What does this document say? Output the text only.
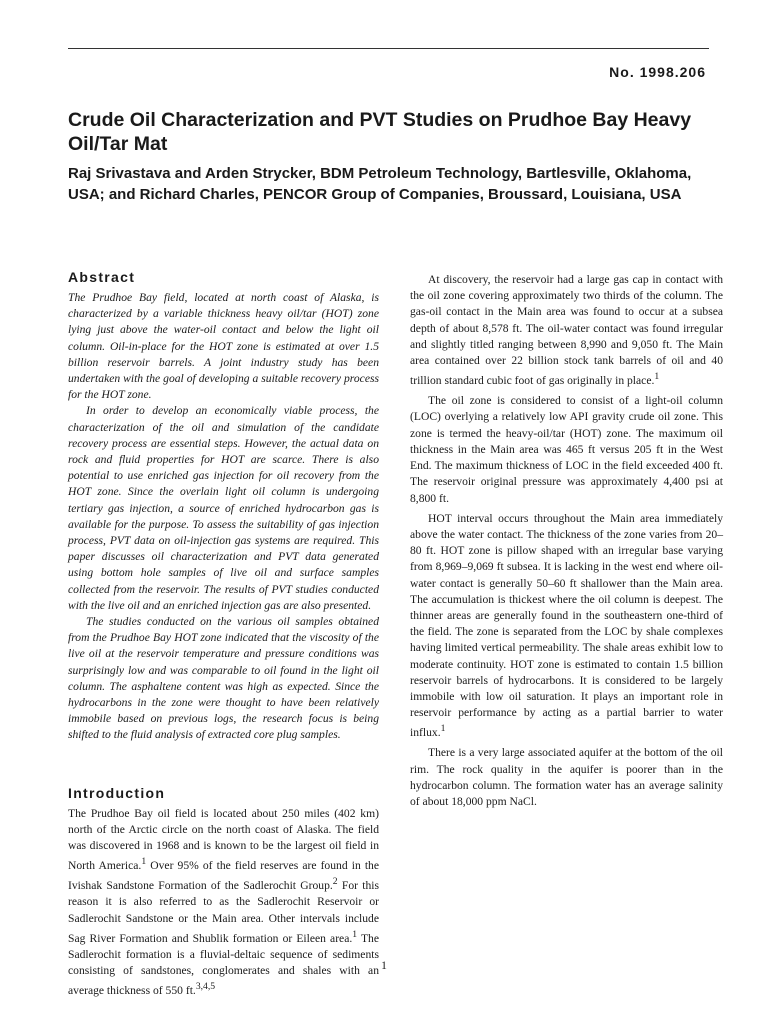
No. 1998.206
Crude Oil Characterization and PVT Studies on Prudhoe Bay Heavy Oil/Tar Mat

Raj Srivastava and Arden Strycker, BDM Petroleum Technology, Bartlesville, Oklahoma, USA; and Richard Charles, PENCOR Group of Companies, Broussard, Louisiana, USA

Abstract

The Prudhoe Bay field, located at north coast of Alaska, is characterized by a variable thickness heavy oil/tar (HOT) zone lying just above the water-oil contact and below the light oil column. Oil-in-place for the HOT zone is estimated at over 1.5 billion reservoir barrels. A joint industry study has been undertaken with the goal of developing a suitable recovery process for the HOT zone.

In order to develop an economically viable process, the characterization of the oil and simulation of the candidate recovery process are essential steps. However, the actual data on rock and fluid properties for HOT are scarce. There is also potential to use enriched gas injection for oil recovery from the HOT zone. Since the overlain light oil column is undergoing tertiary gas injection, a source of enriched hydrocarbon gas is available for the purpose. To assess the suitability of gas injection process, PVT data on oil-injection gas systems are required. This paper discusses oil characterization and PVT data generated using bottom hole samples of live oil and surface samples collected from the reservoir. The results of PVT studies conducted with the live oil and an enriched injection gas are also presented.

The studies conducted on the various oil samples obtained from the Prudhoe Bay HOT zone indicated that the viscosity of the live oil at the reservoir temperature and pressure conditions was surprisingly low and was comparable to oil found in the light oil column. The asphaltene content was high as expected. Since the hydrocarbons in the zone were thought to have been relatively immobile based on previous logs, the research focus is being shifted to the fluid analysis of extracted core plug samples.

Introduction

The Prudhoe Bay oil field is located about 250 miles (402 km) north of the Arctic circle on the north coast of Alaska. The field was discovered in 1968 and is known to be the largest oil field in North America.$^1$ Over 95% of the field reserves are found in the Ivishak Sandstone Formation of the Sadlerochit Group.$^2$ For this reason it is also referred to as the Sadlerochit Reservoir or Sadlerochit Sandstone or the Main area. Other intervals include Sag River Formation and Shublik formation or Eileen area.$^1$ The Sadlerochit formation is a fluvial-deltaic sequence of sediments consisting of sandstones, conglomerates and shales with an average thickness of 550 ft.$^{3,4,5}$

At discovery, the reservoir had a large gas cap in contact with the oil zone covering approximately two thirds of the column. The gas-oil contact in the Main area was found to occur at a subsea depth of about 8,578 ft. The oil-water contact was found irregular and slightly titled ranging between 8,990 and 9,050 ft. The Main area contained over 22 billion stock tank barrels of oil and 40 trillion standard cubic foot of gas originally in place.$^1$

The oil zone is considered to consist of a light-oil column (LOC) overlying a relatively low API gravity crude oil zone. This zone is termed the heavy-oil/tar (HOT) zone. The maximum oil thickness in the Main area was 465 ft versus 205 ft in the West End. The maximum thickness of LOC in the field exceeded 400 ft. The reservoir original pressure was approximately 4,400 psi at 8,800 ft.

HOT interval occurs throughout the Main area immediately above the water contact. The thickness of the zone varies from 20–80 ft. HOT zone is pillow shaped with an irregular base varying from 8,969–9,069 ft subsea. It is lacking in the west end where oil-water contact is generally 50–60 ft shallower than the Main area. The accumulation is thickest where the oil column is deepest. The thinner areas are generally found in the southeastern one-third of the field. The zone is separated from the LOC by shale complexes having limited vertical permeability. The shale areas exhibit low to moderate continuity. HOT zone is estimated to contain 1.5 billion reservoir barrels of hydrocarbons. It is considered to be largely immobile with low oil saturation. It plays an important role in reservoir performance by acting as a partial barrier to water influx.$^1$

There is a very large associated aquifer at the bottom of the oil rim. The rock quality in the aquifer is poorer than in the hydrocarbon column. The formation water has an average salinity of about 18,000 ppm NaCl.

1
